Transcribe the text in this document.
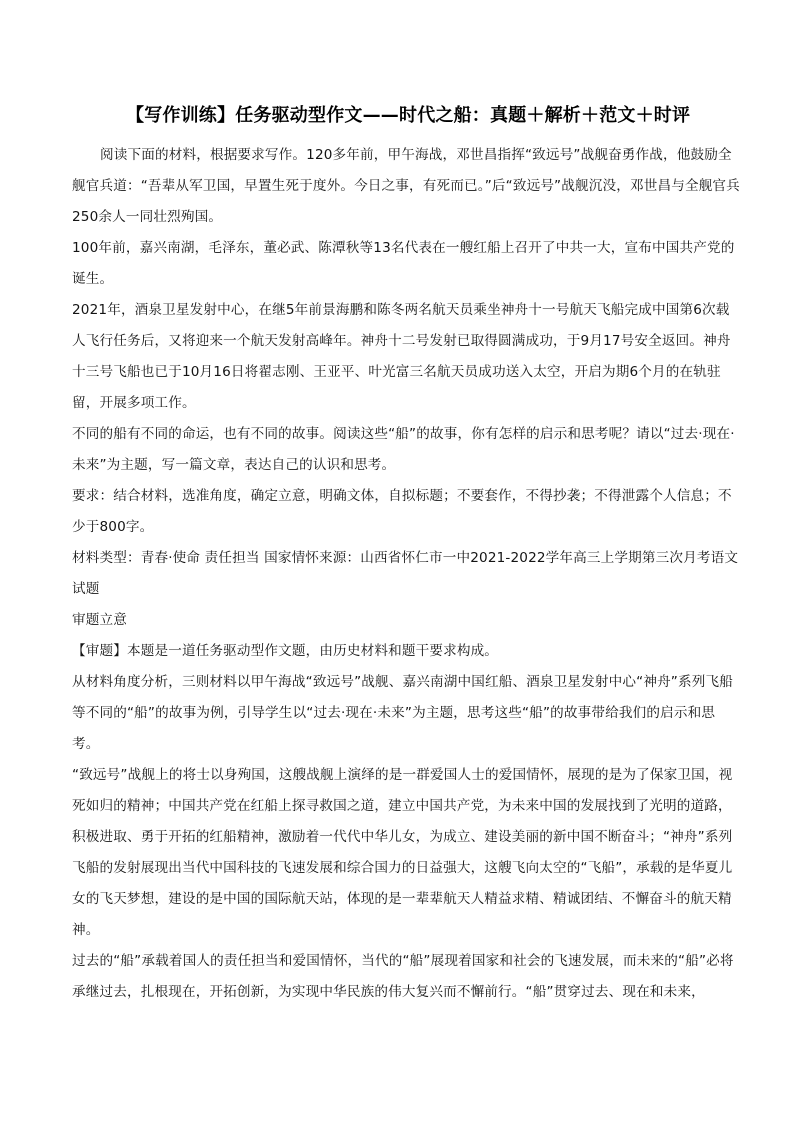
【写作训练】任务驱动型作文——时代之船：真题＋解析＋范文＋时评

阅读下面的材料，根据要求写作。120多年前，甲午海战，邓世昌指挥“致远号”战舰奋勇作战，他鼓励全舰官兵道：“吾辈从军卫国，早置生死于度外。今日之事，有死而已。”后“致远号”战舰沉没，邓世昌与全舰官兵250余人一同壮烈殉国。

100年前，嘉兴南湖，毛泽东，董必武、陈潭秋等13名代表在一艘红船上召开了中共一大，宣布中国共产党的诞生。

2021年，酒泉卫星发射中心，在继5年前景海鹏和陈冬两名航天员乘坐神舟十一号航天飞船完成中国第6次载人飞行任务后，又将迎来一个航天发射高峰年。神舟十二号发射已取得圆满成功，于9月17号安全返回。神舟十三号飞船也已于10月16日将翟志刚、王亚平、叶光富三名航天员成功送入太空，开启为期6个月的在轨驻留，开展多项工作。

不同的船有不同的命运，也有不同的故事。阅读这些“船”的故事，你有怎样的启示和思考呢？请以“过去·现在·未来”为主题，写一篇文章，表达自己的认识和思考。

要求：结合材料，选准角度，确定立意，明确文体，自拟标题；不要套作，不得抄袭；不得泄露个人信息；不少于800字。

材料类型：青春·使命 责任担当 国家情怀来源：山西省怀仁市一中2021-2022学年高三上学期第三次月考语文试题

审题立意

【审题】本题是一道任务驱动型作文题，由历史材料和题干要求构成。

从材料角度分析，三则材料以甲午海战“致远号”战舰、嘉兴南湖中国红船、酒泉卫星发射中心“神舟”系列飞船等不同的“船”的故事为例，引导学生以“过去·现在·未来”为主题，思考这些“船”的故事带给我们的启示和思考。

“致远号”战舰上的将士以身殉国，这艘战舰上演绎的是一群爱国人士的爱国情怀，展现的是为了保家卫国，视死如归的精神；中国共产党在红船上探寻救国之道，建立中国共产党，为未来中国的发展找到了光明的道路，积极进取、勇于开拓的红船精神，激励着一代代中华儿女，为成立、建设美丽的新中国不断奋斗；“神舟”系列飞船的发射展现出当代中国科技的飞速发展和综合国力的日益强大，这艘飞向太空的“飞船”，承载的是华夏儿女的飞天梦想，建设的是中国的国际航天站，体现的是一辈辈航天人精益求精、精诚团结、不懈奋斗的航天精神。

过去的“船”承载着国人的责任担当和爱国情怀，当代的“船”展现着国家和社会的飞速发展，而未来的“船”必将承继过去，扎根现在，开拓创新，为实现中华民族的伟大复兴而不懈前行。“船”贯穿过去、现在和未来，
